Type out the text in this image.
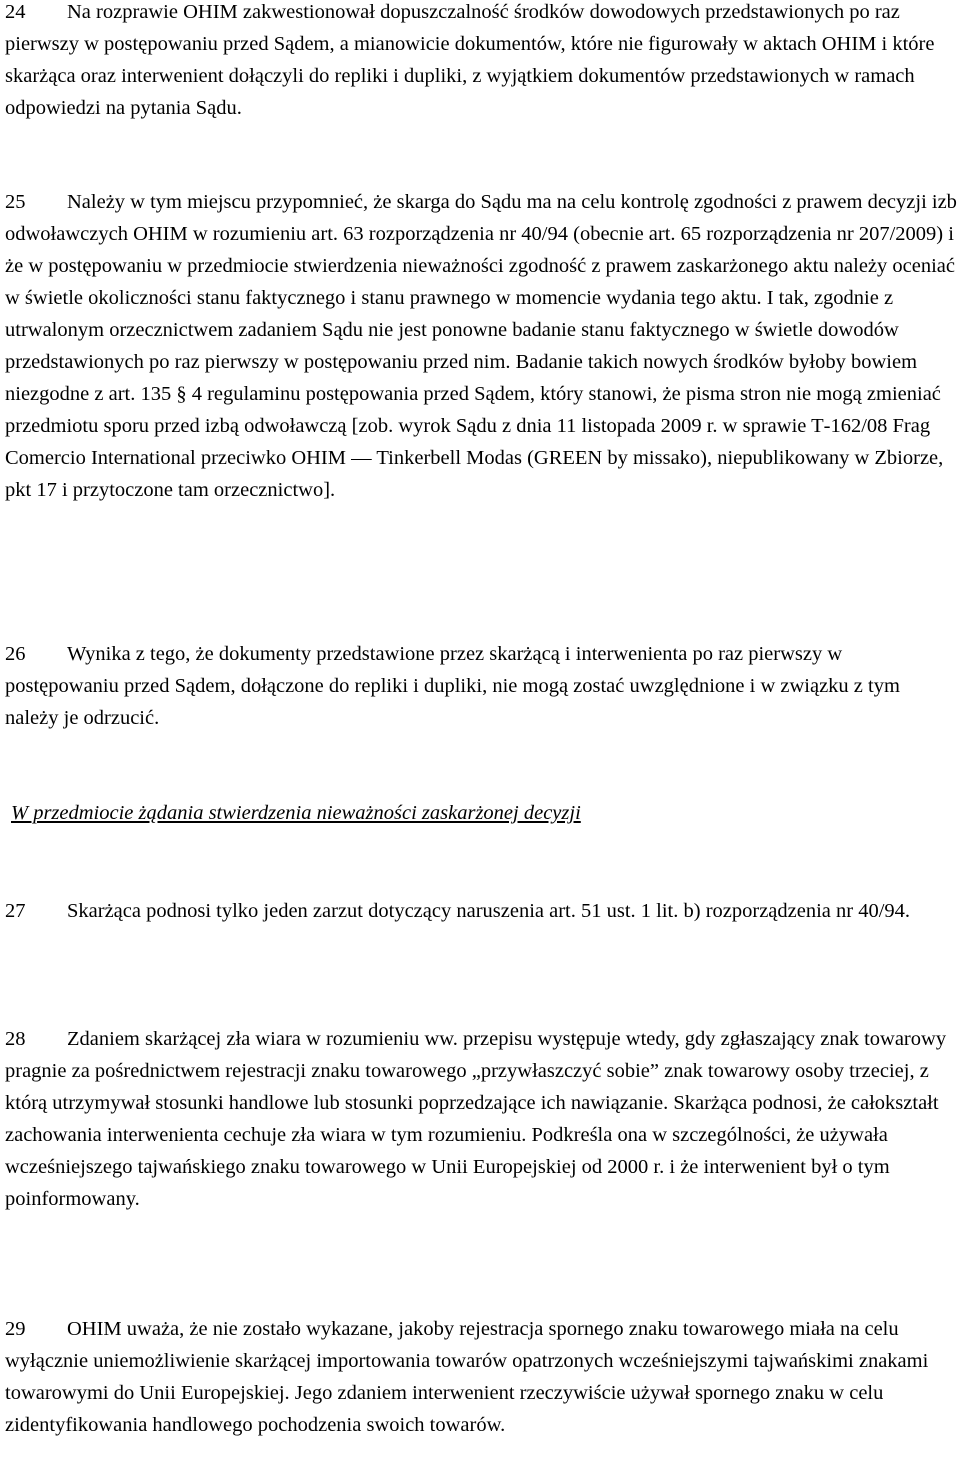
24 Na rozprawie OHIM zakwestionował dopuszczalność środków dowodowych przedstawionych po raz pierwszy w postępowaniu przed Sądem, a mianowicie dokumentów, które nie figurowały w aktach OHIM i które skarżąca oraz interwenient dołączyli do repliki i dupliki, z wyjątkiem dokumentów przedstawionych w ramach odpowiedzi na pytania Sądu.

25 Należy w tym miejscu przypomnieć, że skarga do Sądu ma na celu kontrolę zgodności z prawem decyzji izb odwoławczych OHIM w rozumieniu art. 63 rozporządzenia nr 40/94 (obecnie art. 65 rozporządzenia nr 207/2009) i że w postępowaniu w przedmiocie stwierdzenia nieważności zgodność z prawem zaskarżonego aktu należy oceniać w świetle okoliczności stanu faktycznego i stanu prawnego w momencie wydania tego aktu. I tak, zgodnie z utrwalonym orzecznictwem zadaniem Sądu nie jest ponowne badanie stanu faktycznego w świetle dowodów przedstawionych po raz pierwszy w postępowaniu przed nim. Badanie takich nowych środków byłoby bowiem niezgodne z art. 135 § 4 regulaminu postępowania przed Sądem, który stanowi, że pisma stron nie mogą zmieniać przedmiotu sporu przed izbą odwoławczą [zob. wyrok Sądu z dnia 11 listopada 2009 r. w sprawie T‑162/08 Frag Comercio International przeciwko OHIM — Tinkerbell Modas (GREEN by missako), niepublikowany w Zbiorze, pkt 17 i przytoczone tam orzecznictwo].

26 Wynika z tego, że dokumenty przedstawione przez skarżącą i interwenienta po raz pierwszy w postępowaniu przed Sądem, dołączone do repliki i dupliki, nie mogą zostać uwzględnione i w związku z tym należy je odrzucić.

W przedmiocie żądania stwierdzenia nieważności zaskarżonej decyzji

27 Skarżąca podnosi tylko jeden zarzut dotyczący naruszenia art. 51 ust. 1 lit. b) rozporządzenia nr 40/94.

28 Zdaniem skarżącej zła wiara w rozumieniu ww. przepisu występuje wtedy, gdy zgłaszający znak towarowy pragnie za pośrednictwem rejestracji znaku towarowego „przywłaszczyć sobie” znak towarowy osoby trzeciej, z którą utrzymywał stosunki handlowe lub stosunki poprzedzające ich nawiązanie. Skarżąca podnosi, że całokształt zachowania interwenienta cechuje zła wiara w tym rozumieniu. Podkreśla ona w szczególności, że używała wcześniejszego tajwańskiego znaku towarowego w Unii Europejskiej od 2000 r. i że interwenient był o tym poinformowany.

29 OHIM uważa, że nie zostało wykazane, jakoby rejestracja spornego znaku towarowego miała na celu wyłącznie uniemożliwienie skarżącej importowania towarów opatrzonych wcześniejszymi tajwańskimi znakami towarowymi do Unii Europejskiej. Jego zdaniem interwenient rzeczywiście używał spornego znaku w celu zidentyfikowania handlowego pochodzenia swoich towarów.
